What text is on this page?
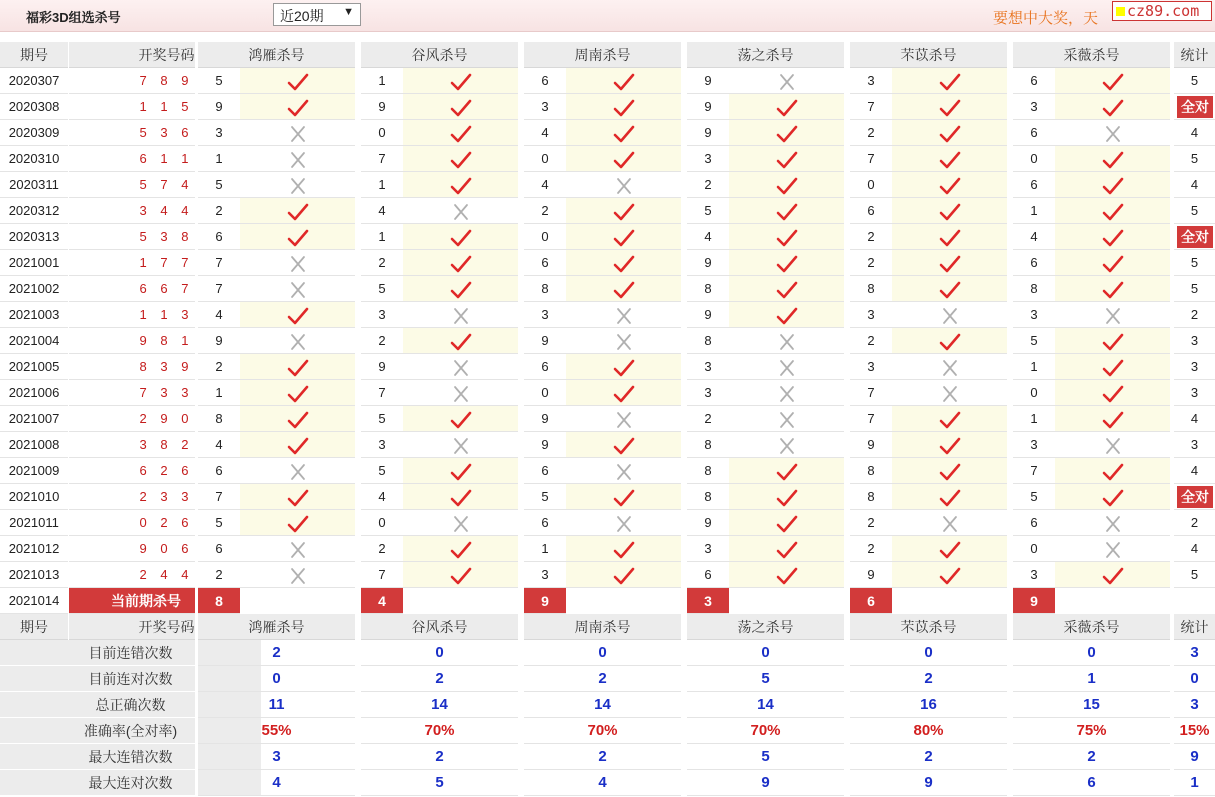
福彩3D组选杀号	近20期 ▼	要想中大奖，天	cz89.com
期号	开奖号码	鸿雁杀号	谷风杀号	周南杀号	荡之杀号	芣苡杀号	采薇杀号	统计
2020307	7 8 9	5	1	6	9	3	6	5
2020308	1 1 5	9	9	3	9	7	3	全对
2020309	5 3 6	3	0	4	9	2	6	4
2020310	6 1 1	1	7	0	3	7	0	5
2020311	5 7 4	5	1	4	2	0	6	4
2020312	3 4 4	2	4	2	5	6	1	5
2020313	5 3 8	6	1	0	4	2	4	全对
2021001	1 7 7	7	2	6	9	2	6	5
2021002	6 6 7	7	5	8	8	8	8	5
2021003	1 1 3	4	3	3	9	3	3	2
2021004	9 8 1	9	2	9	8	2	5	3
2021005	8 3 9	2	9	6	3	3	1	3
2021006	7 3 3	1	7	0	3	7	0	3
2021007	2 9 0	8	5	9	2	7	1	4
2021008	3 8 2	4	3	9	8	9	3	3
2021009	6 2 6	6	5	6	8	8	7	4
2021010	2 3 3	7	4	5	8	8	5	全对
2021011	0 2 6	5	0	6	9	2	6	2
2021012	9 0 6	6	2	1	3	2	0	4
2021013	2 4 4	2	7	3	6	9	3	5
2021014	当前期杀号	8	4	9	3	6	9
期号	开奖号码	鸿雁杀号	谷风杀号	周南杀号	荡之杀号	芣苡杀号	采薇杀号	统计
目前连错次数	2	0	0	0	0	0	3
目前连对次数	0	2	2	5	2	1	0
总正确次数	11	14	14	14	16	15	3
准确率(全对率)	55%	70%	70%	70%	80%	75%	15%
最大连错次数	3	2	2	5	2	2	9
最大连对次数	4	5	4	9	9	6	1
